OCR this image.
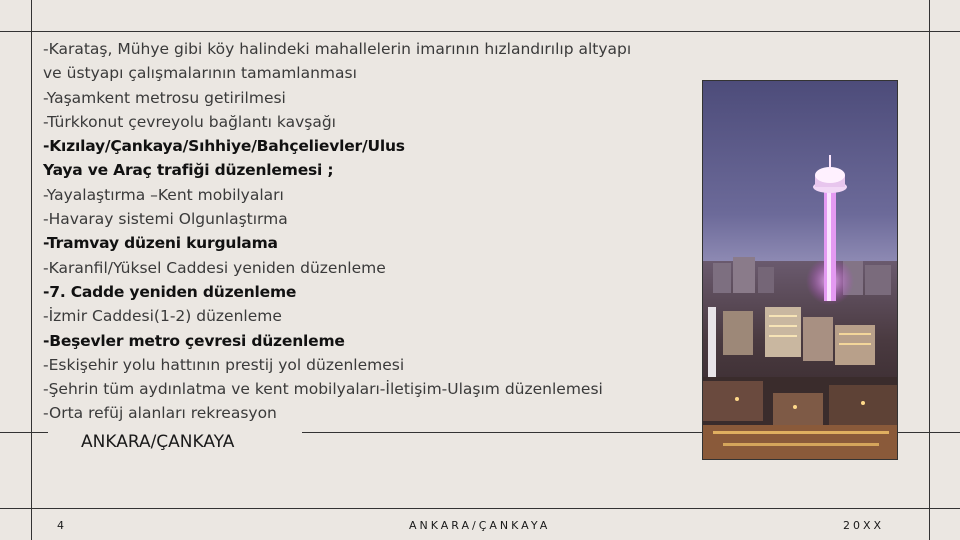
-Karataş, Mühye gibi köy halindeki mahallelerin imarının hızlandırılıp altyapı
ve üstyapı çalışmalarının tamamlanması
-Yaşamkent metrosu getirilmesi
-Türkkonut çevreyolu bağlantı kavşağı
-Kızılay/Çankaya/Sıhhiye/Bahçelievler/Ulus
Yaya ve Araç trafiği düzenlemesi ;
-Yayalaştırma –Kent mobilyaları
-Havaray sistemi Olgunlaştırma
-Tramvay düzeni kurgulama
-Karanfil/Yüksel Caddesi yeniden düzenleme
-7. Cadde yeniden düzenleme
-İzmir Caddesi(1-2) düzenleme
-Beşevler metro çevresi düzenleme
-Eskişehir yolu hattının prestij yol düzenlemesi
-Şehrin tüm aydınlatma ve kent mobilyaları-İletişim-Ulaşım düzenlemesi
-Orta refüj alanları rekreasyon
ANKARA/ÇANKAYA
4	ANKARA/ÇANKAYA	20XX
